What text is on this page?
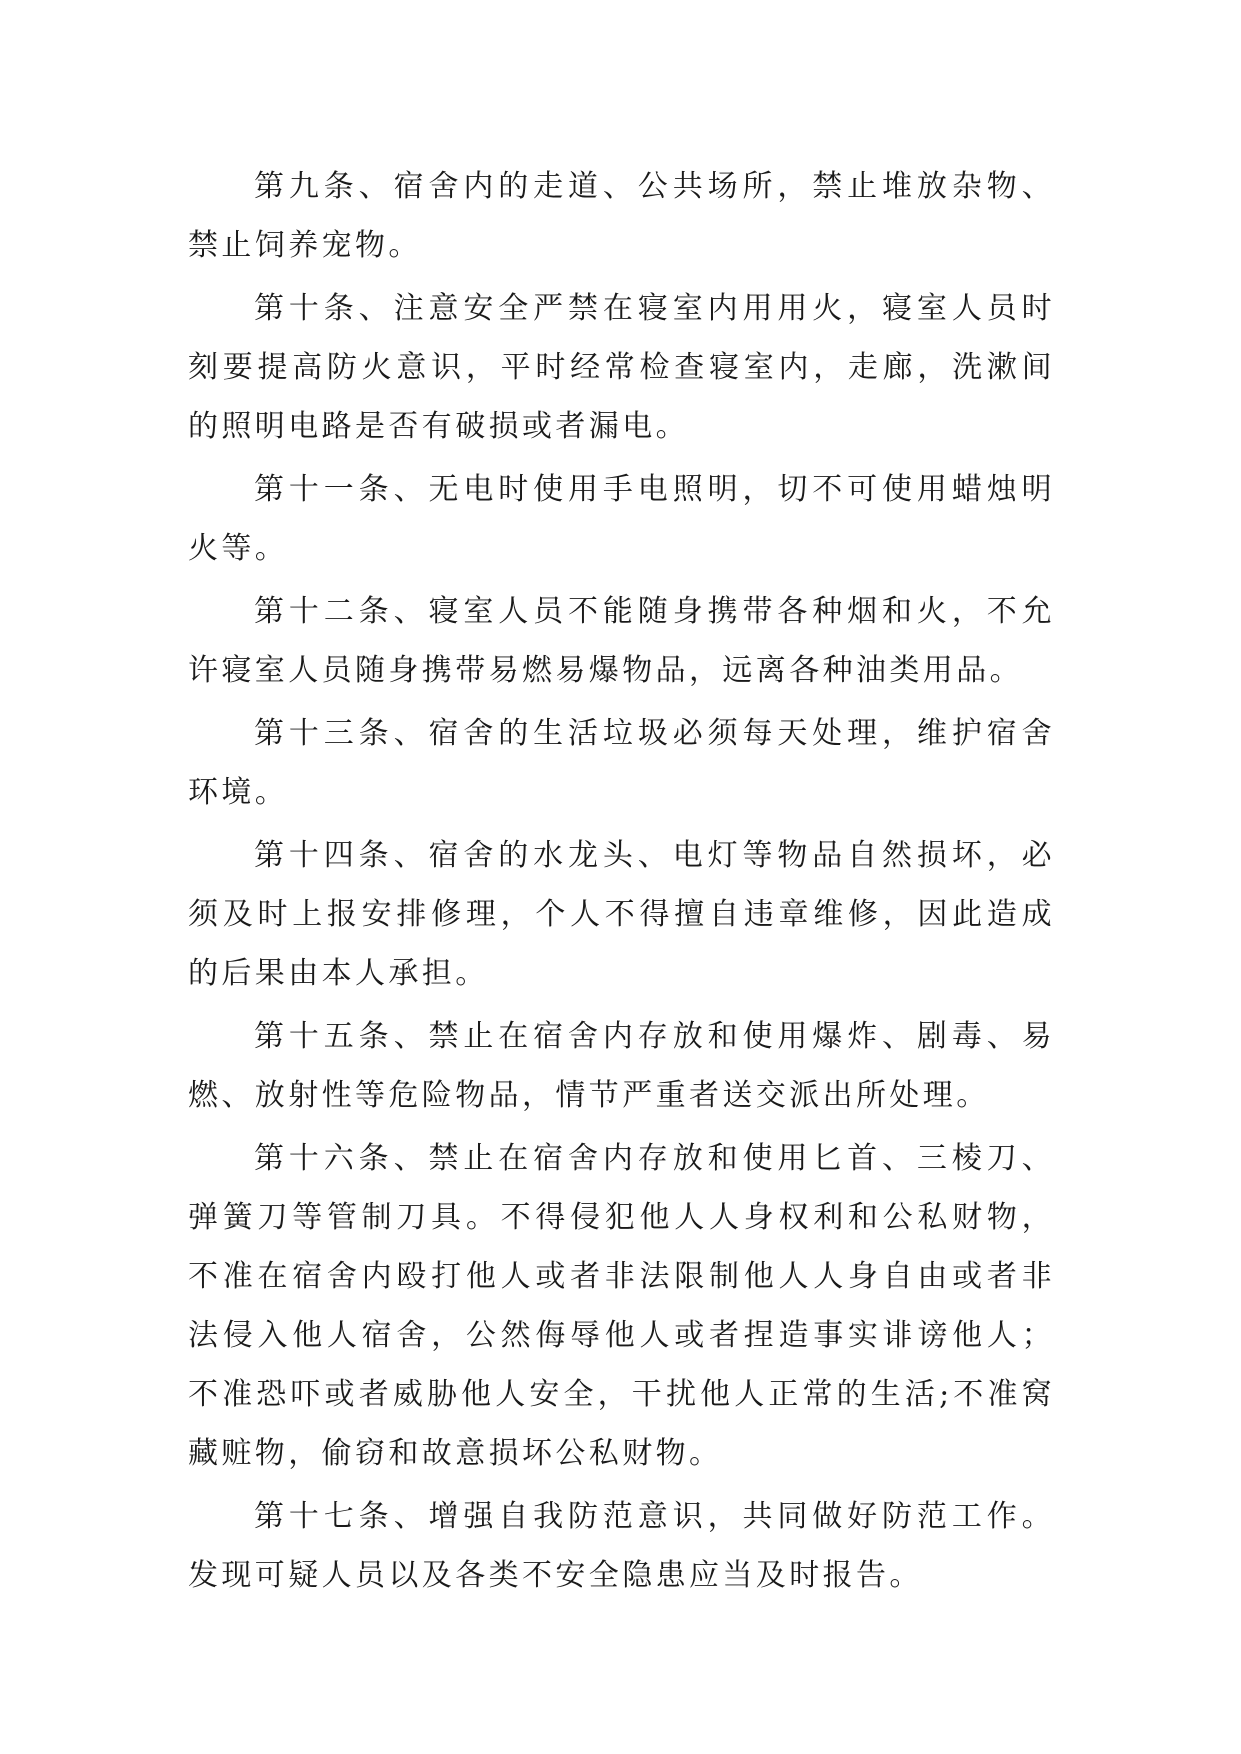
第九条、宿舍内的走道、公共场所，禁止堆放杂物、禁止饲养宠物。

第十条、注意安全严禁在寝室内用用火，寝室人员时刻要提高防火意识，平时经常检查寝室内，走廊，洗漱间的照明电路是否有破损或者漏电。

第十一条、无电时使用手电照明，切不可使用蜡烛明火等。

第十二条、寝室人员不能随身携带各种烟和火，不允许寝室人员随身携带易燃易爆物品，远离各种油类用品。

第十三条、宿舍的生活垃圾必须每天处理，维护宿舍环境。

第十四条、宿舍的水龙头、电灯等物品自然损坏，必须及时上报安排修理，个人不得擅自违章维修，因此造成的后果由本人承担。

第十五条、禁止在宿舍内存放和使用爆炸、剧毒、易燃、放射性等危险物品，情节严重者送交派出所处理。

第十六条、禁止在宿舍内存放和使用匕首、三棱刀、弹簧刀等管制刀具。不得侵犯他人人身权利和公私财物，不准在宿舍内殴打他人或者非法限制他人人身自由或者非法侵入他人宿舍，公然侮辱他人或者捏造事实诽谤他人；不准恐吓或者威胁他人安全，干扰他人正常的生活;不准窝藏赃物，偷窃和故意损坏公私财物。

第十七条、增强自我防范意识，共同做好防范工作。发现可疑人员以及各类不安全隐患应当及时报告。
